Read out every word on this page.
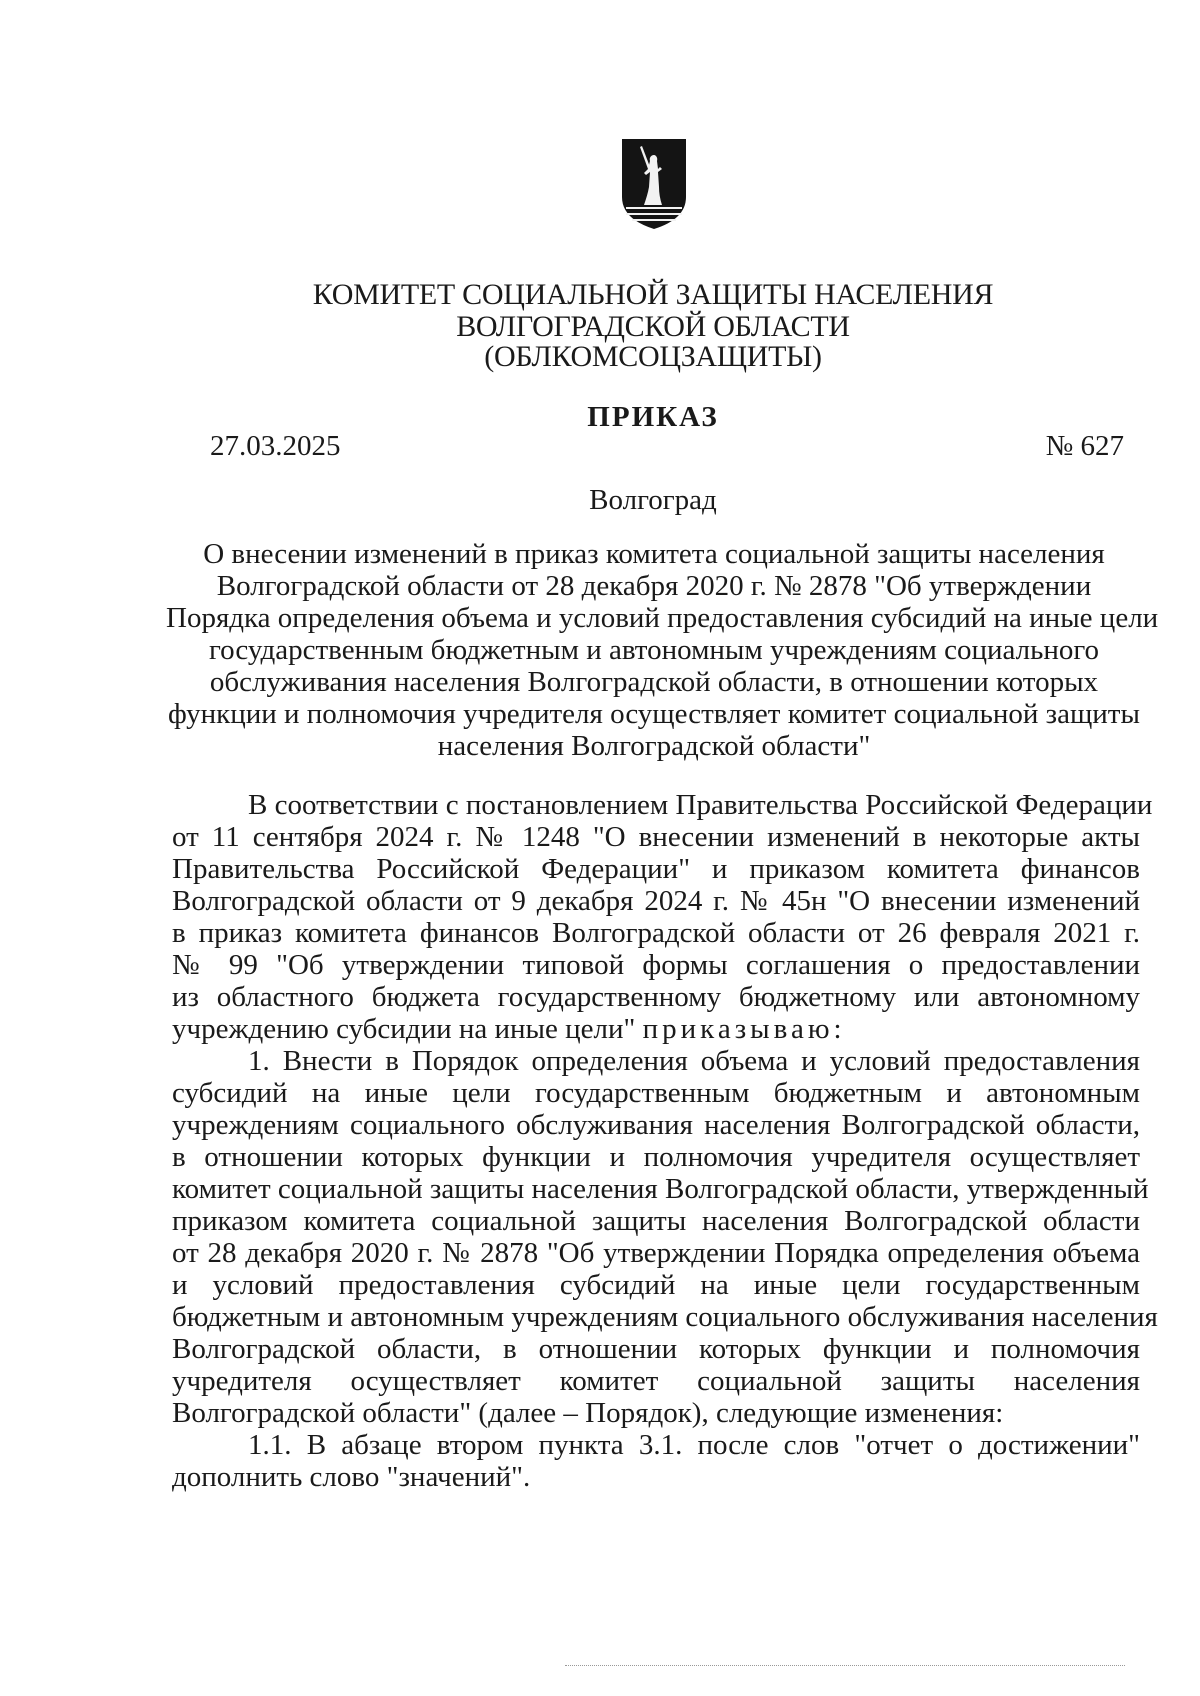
КОМИТЕТ СОЦИАЛЬНОЙ ЗАЩИТЫ НАСЕЛЕНИЯ
ВОЛГОГРАДСКОЙ ОБЛАСТИ
(ОБЛКОМСОЦЗАЩИТЫ)
ПРИКАЗ
27.03.2025	№ 627
Волгоград
О внесении изменений в приказ комитета социальной защиты населения
Волгоградской области от 28 декабря 2020 г. № 2878 "Об утверждении
Порядка определения объема и условий предоставления субсидий на иные цели
государственным бюджетным и автономным учреждениям социального
обслуживания населения Волгоградской области, в отношении которых
функции и полномочия учредителя осуществляет комитет социальной защиты
населения Волгоградской области"
В соответствии с постановлением Правительства Российской Федерации
от 11 сентября 2024 г. № 1248 "О внесении изменений в некоторые акты
Правительства Российской Федерации" и приказом комитета финансов
Волгоградской области от 9 декабря 2024 г. № 45н "О внесении изменений
в приказ комитета финансов Волгоградской области от 26 февраля 2021 г.
№ 99 "Об утверждении типовой формы соглашения о предоставлении
из областного бюджета государственному бюджетному или автономному
учреждению субсидии на иные цели" приказываю:
1. Внести в Порядок определения объема и условий предоставления
субсидий на иные цели государственным бюджетным и автономным
учреждениям социального обслуживания населения Волгоградской области,
в отношении которых функции и полномочия учредителя осуществляет
комитет социальной защиты населения Волгоградской области, утвержденный
приказом комитета социальной защиты населения Волгоградской области
от 28 декабря 2020 г. № 2878 "Об утверждении Порядка определения объема
и условий предоставления субсидий на иные цели государственным
бюджетным и автономным учреждениям социального обслуживания населения
Волгоградской области, в отношении которых функции и полномочия
учредителя осуществляет комитет социальной защиты населения
Волгоградской области" (далее – Порядок), следующие изменения:
1.1. В абзаце втором пункта 3.1. после слов "отчет о достижении"
дополнить слово "значений".
